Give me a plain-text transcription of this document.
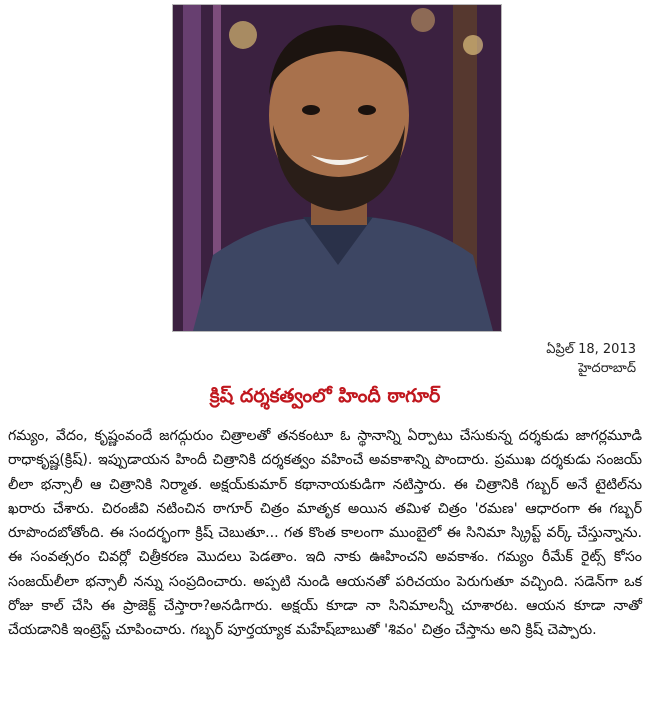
ఏప్రిల్ 18, 2013
హైదరాబాద్
క్రిష్ దర్శకత్వంలో హిందీ ఠాగూర్

గమ్యం, వేదం, కృష్ణంవందే జగద్గురుం చిత్రాలతో తనకంటూ ఓ స్థానాన్ని ఏర్పాటు చేసుకున్న దర్శకుడు జాగర్లమూడి రాధాకృష్ణ(క్రిష్). ఇప్పుడాయన హిందీ చిత్రానికి దర్శకత్వం వహించే అవకాశాన్ని పొందారు. ప్రముఖ దర్శకుడు సంజయ్ లీలా భన్సాలీ ఆ చిత్రానికి నిర్మాత. అక్షయ్‌కుమార్ కథానాయకుడిగా నటిస్తారు. ఈ చిత్రానికి గబ్బర్ అనే టైటిల్‌ను ఖరారు చేశారు. చిరంజీవి నటించిన ఠాగూర్ చిత్రం మాతృక అయిన తమిళ చిత్రం 'రమణ' ఆధారంగా ఈ గబ్బర్ రూపొందబోతోంది. ఈ సందర్భంగా క్రిష్ చెబుతూ... గత కొంత కాలంగా ముంబైలో ఈ సినిమా స్క్రిప్ట్ వర్క్ చేస్తున్నాను. ఈ సంవత్సరం చివర్లో చిత్రీకరణ మొదలు పెడతాం. ఇది నాకు ఊహించని అవకాశం. గమ్యం రీమేక్ రైట్స్ కోసం సంజయ్‌లీలా భన్సాలీ నన్ను సంప్రదించారు. అప్పటి నుండి ఆయనతో పరిచయం పెరుగుతూ వచ్చింది. సడెన్‌గా ఒక రోజు కాల్ చేసి ఈ ప్రాజెక్ట్ చేస్తారా?అనడిగారు. అక్షయ్ కూడా నా సినిమాలన్నీ చూశారట. ఆయన కూడా నాతో చేయడానికి ఇంట్రెస్ట్ చూపించారు. గబ్బర్ పూర్తయ్యాక మహేష్‌బాబుతో 'శివం' చిత్రం చేస్తాను అని క్రిష్ చెప్పారు.
